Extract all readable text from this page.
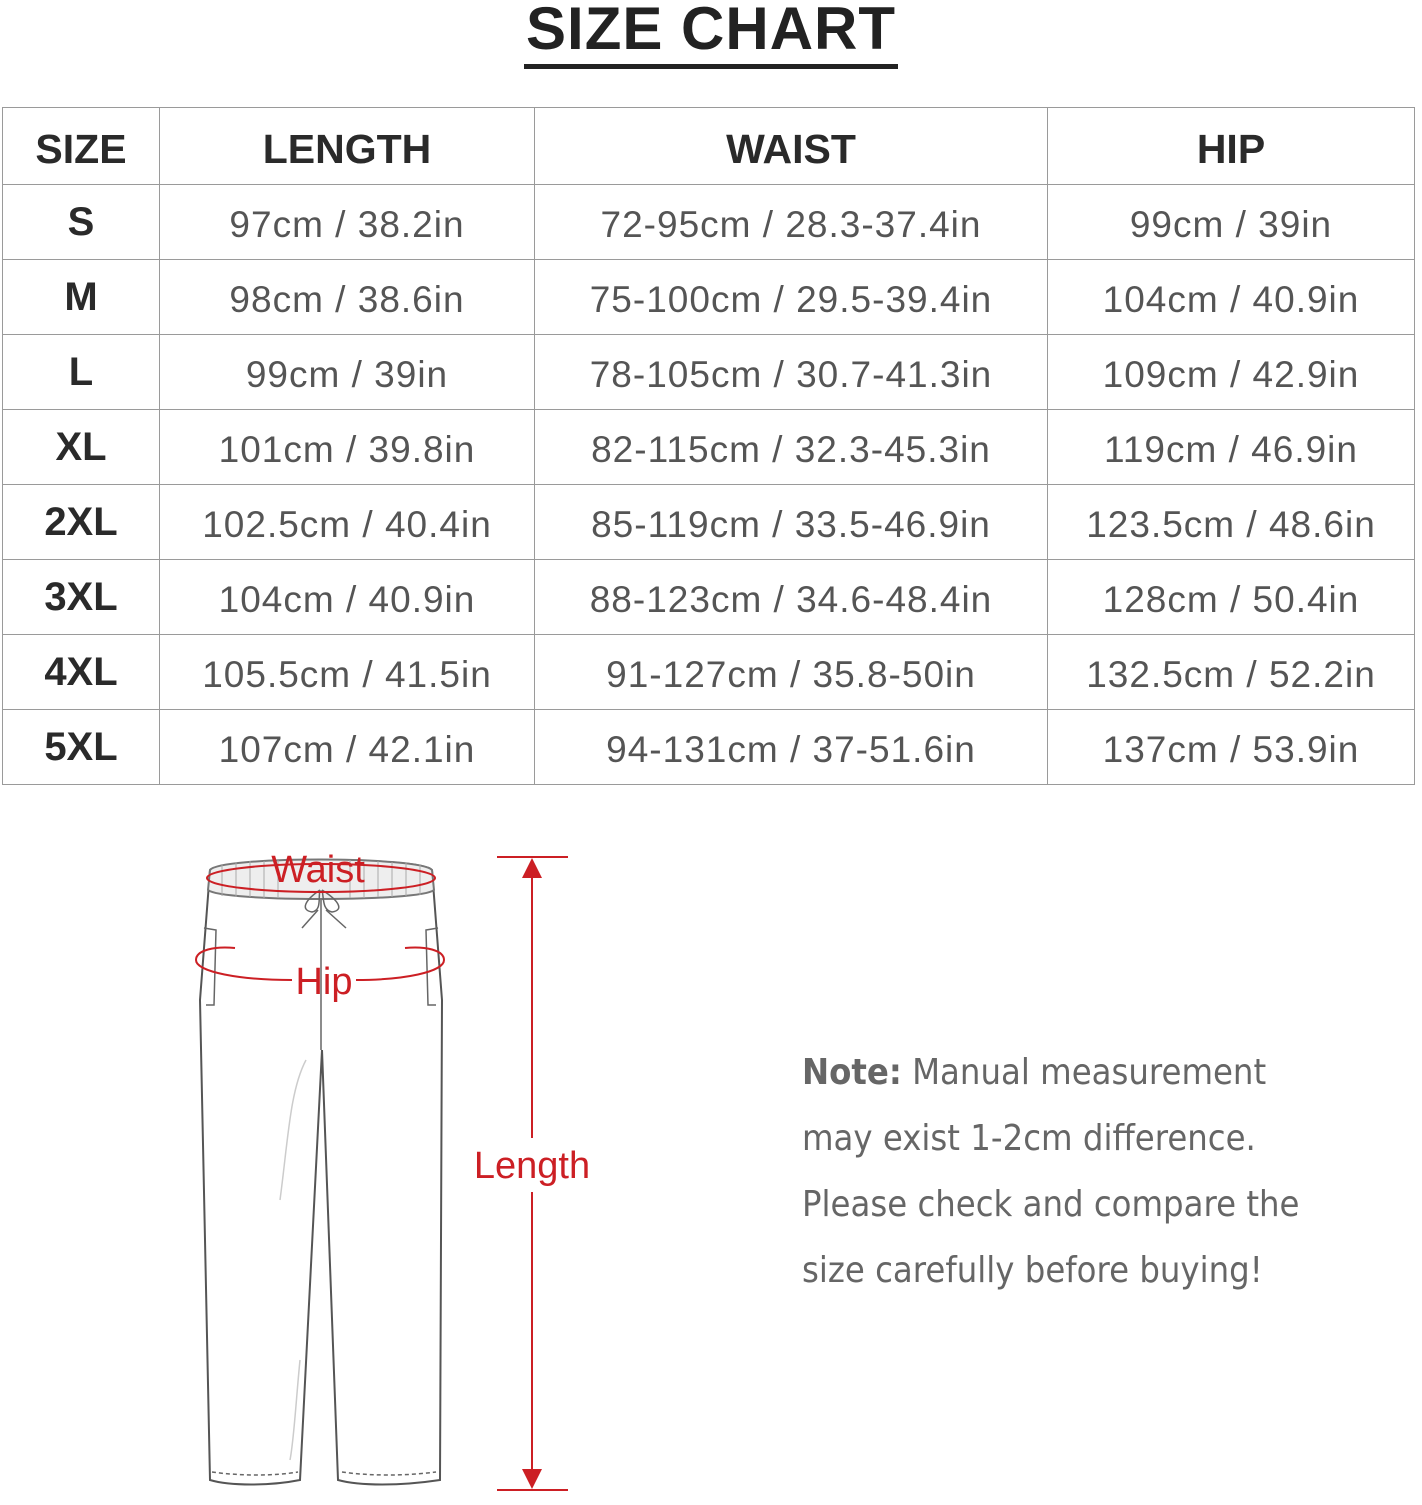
SIZE CHART
SIZE	LENGTH	WAIST	HIP
S	97cm / 38.2in	72-95cm / 28.3-37.4in	99cm / 39in
M	98cm / 38.6in	75-100cm / 29.5-39.4in	104cm / 40.9in
L	99cm / 39in	78-105cm / 30.7-41.3in	109cm / 42.9in
XL	101cm / 39.8in	82-115cm / 32.3-45.3in	119cm / 46.9in
2XL	102.5cm / 40.4in	85-119cm / 33.5-46.9in	123.5cm / 48.6in
3XL	104cm / 40.9in	88-123cm / 34.6-48.4in	128cm / 50.4in
4XL	105.5cm / 41.5in	91-127cm / 35.8-50in	132.5cm / 52.2in
5XL	107cm / 42.1in	94-131cm / 37-51.6in	137cm / 53.9in
Waist
Hip
Length
Note: Manual measurement may exist 1-2cm difference. Please check and compare the size carefully before buying!
